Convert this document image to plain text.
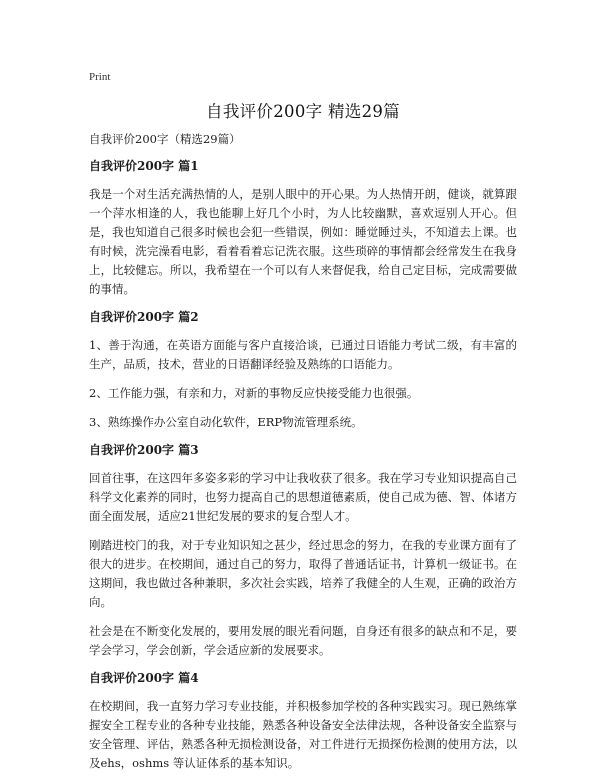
Print
自我评价200字 精选29篇
自我评价200字（精选29篇）
自我评价200字 篇1

我是一个对生活充满热情的人，是别人眼中的开心果。为人热情开朗，健谈，就算跟一个萍水相逢的人，我也能聊上好几个小时，为人比较幽默，喜欢逗别人开心。但是，我也知道自己很多时候也会犯一些错误，例如：睡觉睡过头，不知道去上课。也有时候，洗完澡看电影，看着看着忘记洗衣服。这些琐碎的事情都会经常发生在我身上，比较健忘。所以，我希望在一个可以有人来督促我，给自己定目标，完成需要做的事情。

自我评价200字 篇2

1、善于沟通，在英语方面能与客户直接洽谈，已通过日语能力考试二级，有丰富的生产，品质，技术，营业的日语翻译经验及熟练的口语能力。

2、工作能力强，有亲和力，对新的事物反应快接受能力也很强。

3、熟练操作办公室自动化软件，ERP物流管理系统。

自我评价200字 篇3

回首往事，在这四年多姿多彩的学习中让我收获了很多。我在学习专业知识提高自己科学文化素养的同时，也努力提高自己的思想道德素质，使自己成为德、智、体诸方面全面发展，适应21世纪发展的要求的复合型人才。

刚踏进校门的我，对于专业知识知之甚少，经过思念的努力，在我的专业课方面有了很大的进步。在校期间，通过自己的努力，取得了普通话证书，计算机一级证书。在这期间，我也做过各种兼职，多次社会实践，培养了我健全的人生观，正确的政治方向。

社会是在不断变化发展的，要用发展的眼光看问题，自身还有很多的缺点和不足，要学会学习，学会创新，学会适应新的发展要求。

自我评价200字 篇4

在校期间，我一直努力学习专业技能，并积极参加学校的各种实践实习。现已熟练掌握安全工程专业的各种专业技能，熟悉各种设备安全法律法规，各种设备安全监察与安全管理、评估，熟悉各种无损检测设备，对工件进行无损探伤检测的使用方法，以及ehs，oshms 等认证体系的基本知识。
